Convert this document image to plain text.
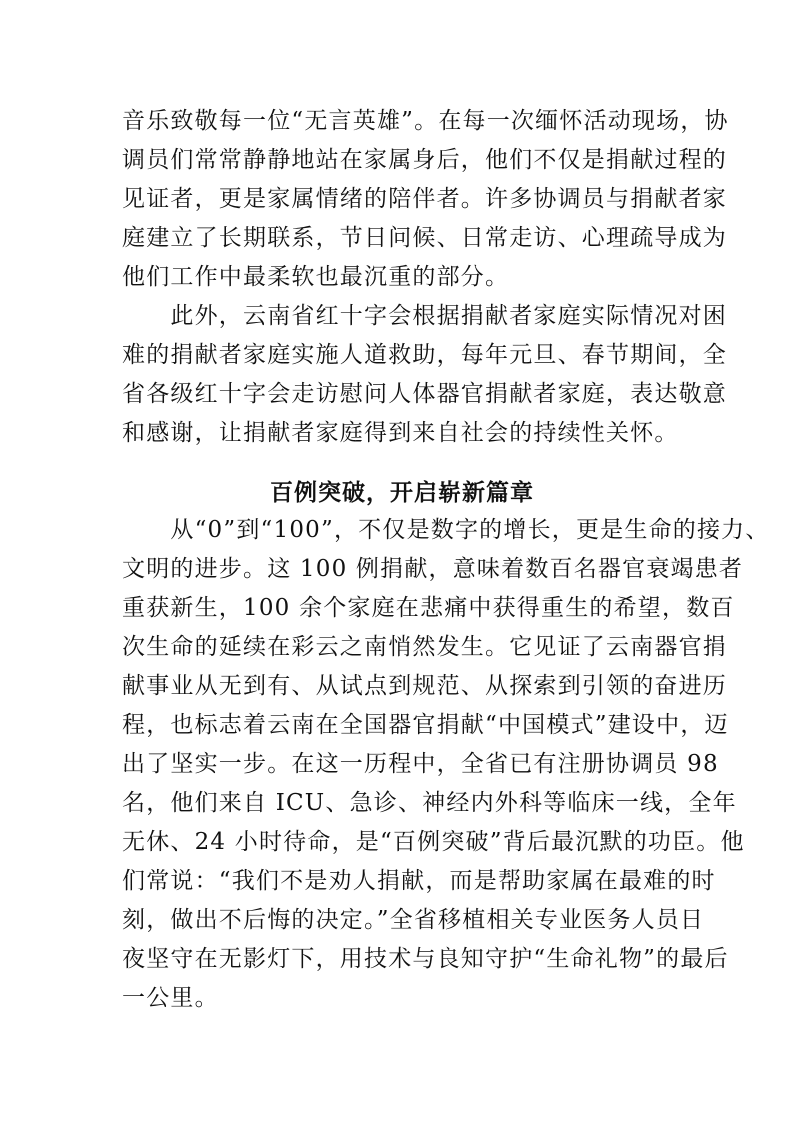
音乐致敬每一位“无言英雄”。在每一次缅怀活动现场，协
调员们常常静静地站在家属身后，他们不仅是捐献过程的
见证者，更是家属情绪的陪伴者。许多协调员与捐献者家
庭建立了长期联系，节日问候、日常走访、心理疏导成为
他们工作中最柔软也最沉重的部分。
　　此外，云南省红十字会根据捐献者家庭实际情况对困
难的捐献者家庭实施人道救助，每年元旦、春节期间，全
省各级红十字会走访慰问人体器官捐献者家庭，表达敬意
和感谢，让捐献者家庭得到来自社会的持续性关怀。
百例突破，开启崭新篇章
　　从“0”到“100”，不仅是数字的增长，更是生命的接力、
文明的进步。这 100 例捐献，意味着数百名器官衰竭患者
重获新生，100 余个家庭在悲痛中获得重生的希望，数百
次生命的延续在彩云之南悄然发生。它见证了云南器官捐
献事业从无到有、从试点到规范、从探索到引领的奋进历
程，也标志着云南在全国器官捐献“中国模式”建设中，迈
出了坚实一步。在这一历程中，全省已有注册协调员 98
名，他们来自 ICU、急诊、神经内外科等临床一线，全年
无休、24 小时待命，是“百例突破”背后最沉默的功臣。他
们常说：“我们不是劝人捐献，而是帮助家属在最难的时
刻，做出不后悔的决定。”全省移植相关专业医务人员日
夜坚守在无影灯下，用技术与良知守护“生命礼物”的最后
一公里。
